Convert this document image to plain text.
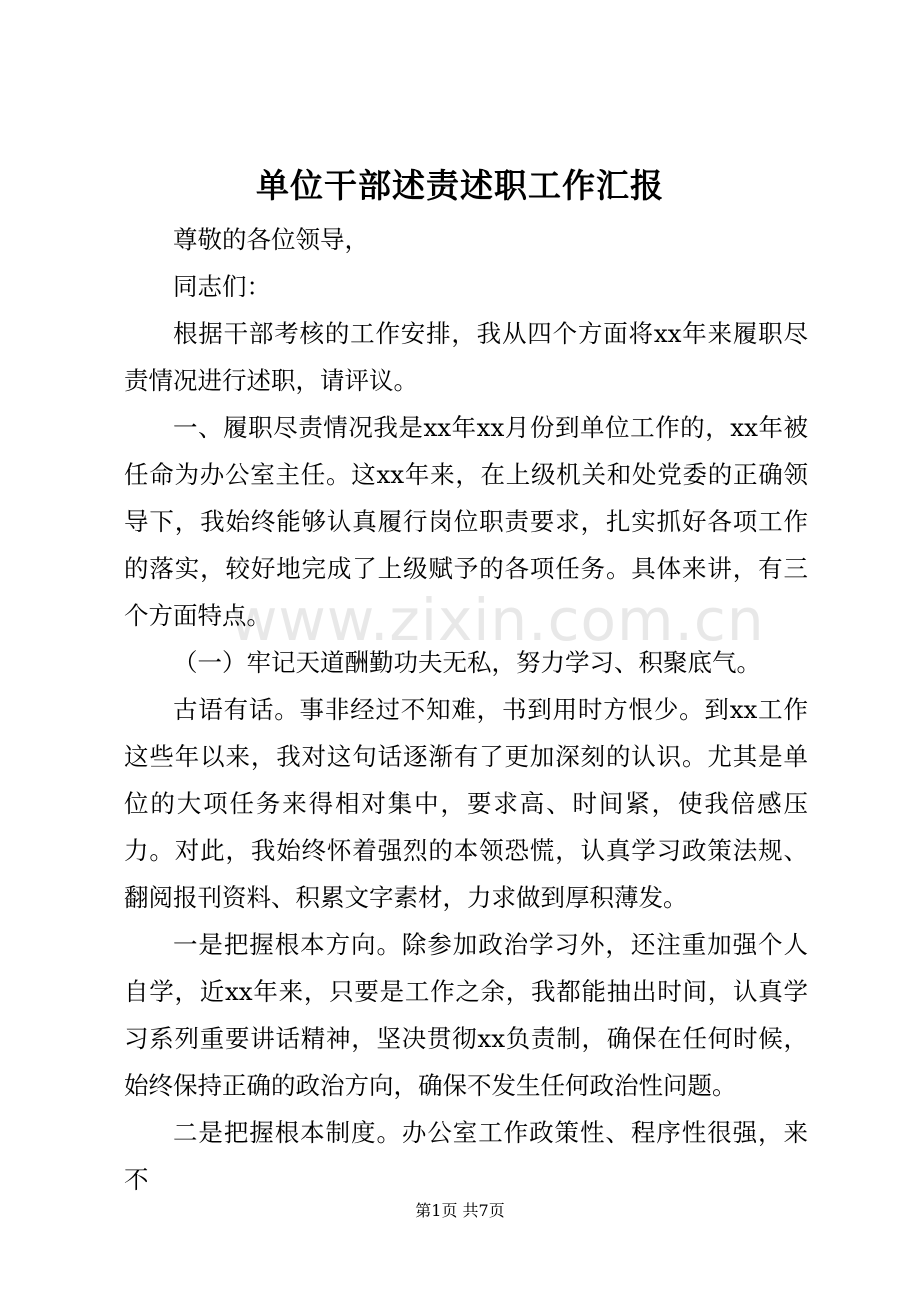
www.zixin.com.cn
单位干部述责述职工作汇报

尊敬的各位领导，

同志们：

根据干部考核的工作安排，我从四个方面将xx年来履职尽责情况进行述职，请评议。

一、履职尽责情况我是xx年xx月份到单位工作的，xx年被任命为办公室主任。这xx年来，在上级机关和处党委的正确领导下，我始终能够认真履行岗位职责要求，扎实抓好各项工作的落实，较好地完成了上级赋予的各项任务。具体来讲，有三个方面特点。

（一）牢记天道酬勤功夫无私，努力学习、积聚底气。

古语有话。事非经过不知难，书到用时方恨少。到xx工作这些年以来，我对这句话逐渐有了更加深刻的认识。尤其是单位的大项任务来得相对集中，要求高、时间紧，使我倍感压力。对此，我始终怀着强烈的本领恐慌，认真学习政策法规、翻阅报刊资料、积累文字素材，力求做到厚积薄发。

一是把握根本方向。除参加政治学习外，还注重加强个人自学，近xx年来，只要是工作之余，我都能抽出时间，认真学习系列重要讲话精神，坚决贯彻xx负责制，确保在任何时候，始终保持正确的政治方向，确保不发生任何政治性问题。

二是把握根本制度。办公室工作政策性、程序性很强，来不

第1页 共7页
